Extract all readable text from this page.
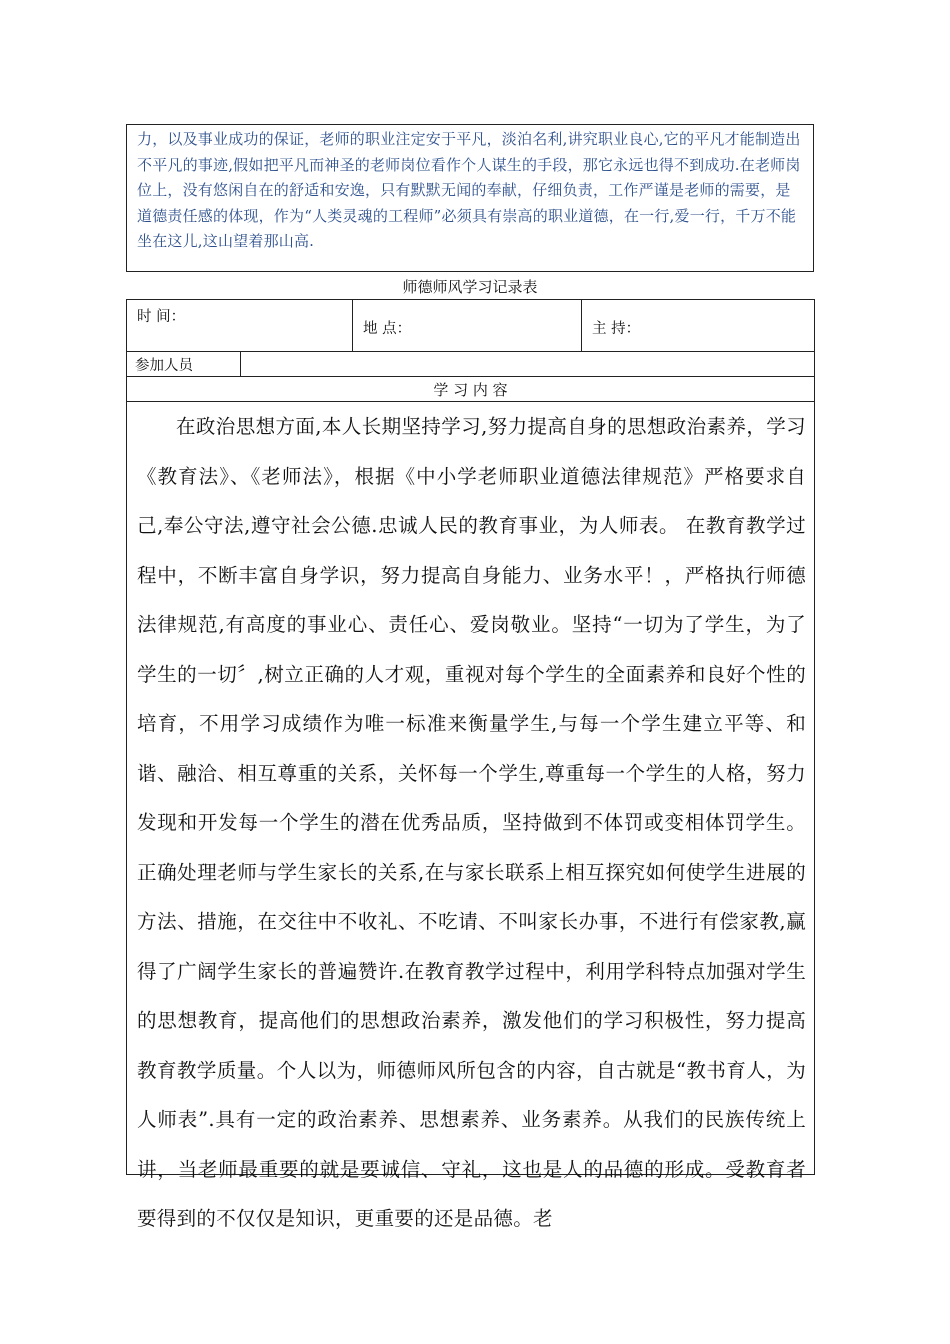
力，以及事业成功的保证，老师的职业注定安于平凡，淡泊名利,讲究职业良心,它的平凡才能制造出不平凡的事迹,假如把平凡而神圣的老师岗位看作个人谋生的手段，那它永远也得不到成功.在老师岗位上，没有悠闲自在的舒适和安逸，只有默默无闻的奉献，仔细负责，工作严谨是老师的需要，是道德责任感的体现，作为“人类灵魂的工程师”必须具有崇高的职业道德，在一行,爱一行，千万不能坐在这儿,这山望着那山高.

师德师风学习记录表
时 间：
地 点：	主 持：
参加人员
学 习 内 容

在政治思想方面,本人长期坚持学习,努力提高自身的思想政治素养，学习《教育法》、《老师法》，根据《中小学老师职业道德法律规范》严格要求自己,奉公守法,遵守社会公德.忠诚人民的教育事业，为人师表。 在教育教学过程中，不断丰富自身学识，努力提高自身能力、业务水平！，严格执行师德法律规范,有高度的事业心、责任心、爱岗敬业。坚持“一切为了学生，为了学生的一切〞,树立正确的人才观，重视对每个学生的全面素养和良好个性的培育，不用学习成绩作为唯一标准来衡量学生,与每一个学生建立平等、和谐、融洽、相互尊重的关系，关怀每一个学生,尊重每一个学生的人格，努力发现和开发每一个学生的潜在优秀品质，坚持做到不体罚或变相体罚学生。正确处理老师与学生家长的关系,在与家长联系上相互探究如何使学生进展的方法、措施，在交往中不收礼、不吃请、不叫家长办事，不进行有偿家教,赢得了广阔学生家长的普遍赞许.在教育教学过程中，利用学科特点加强对学生的思想教育，提高他们的思想政治素养，激发他们的学习积极性，努力提高教育教学质量。个人以为，师德师风所包含的内容，自古就是“教书育人，为人师表”.具有一定的政治素养、思想素养、业务素养。从我们的民族传统上讲，当老师最重要的就是要诚信、守礼，这也是人的品德的形成。受教育者要得到的不仅仅是知识，更重要的还是品德。老
